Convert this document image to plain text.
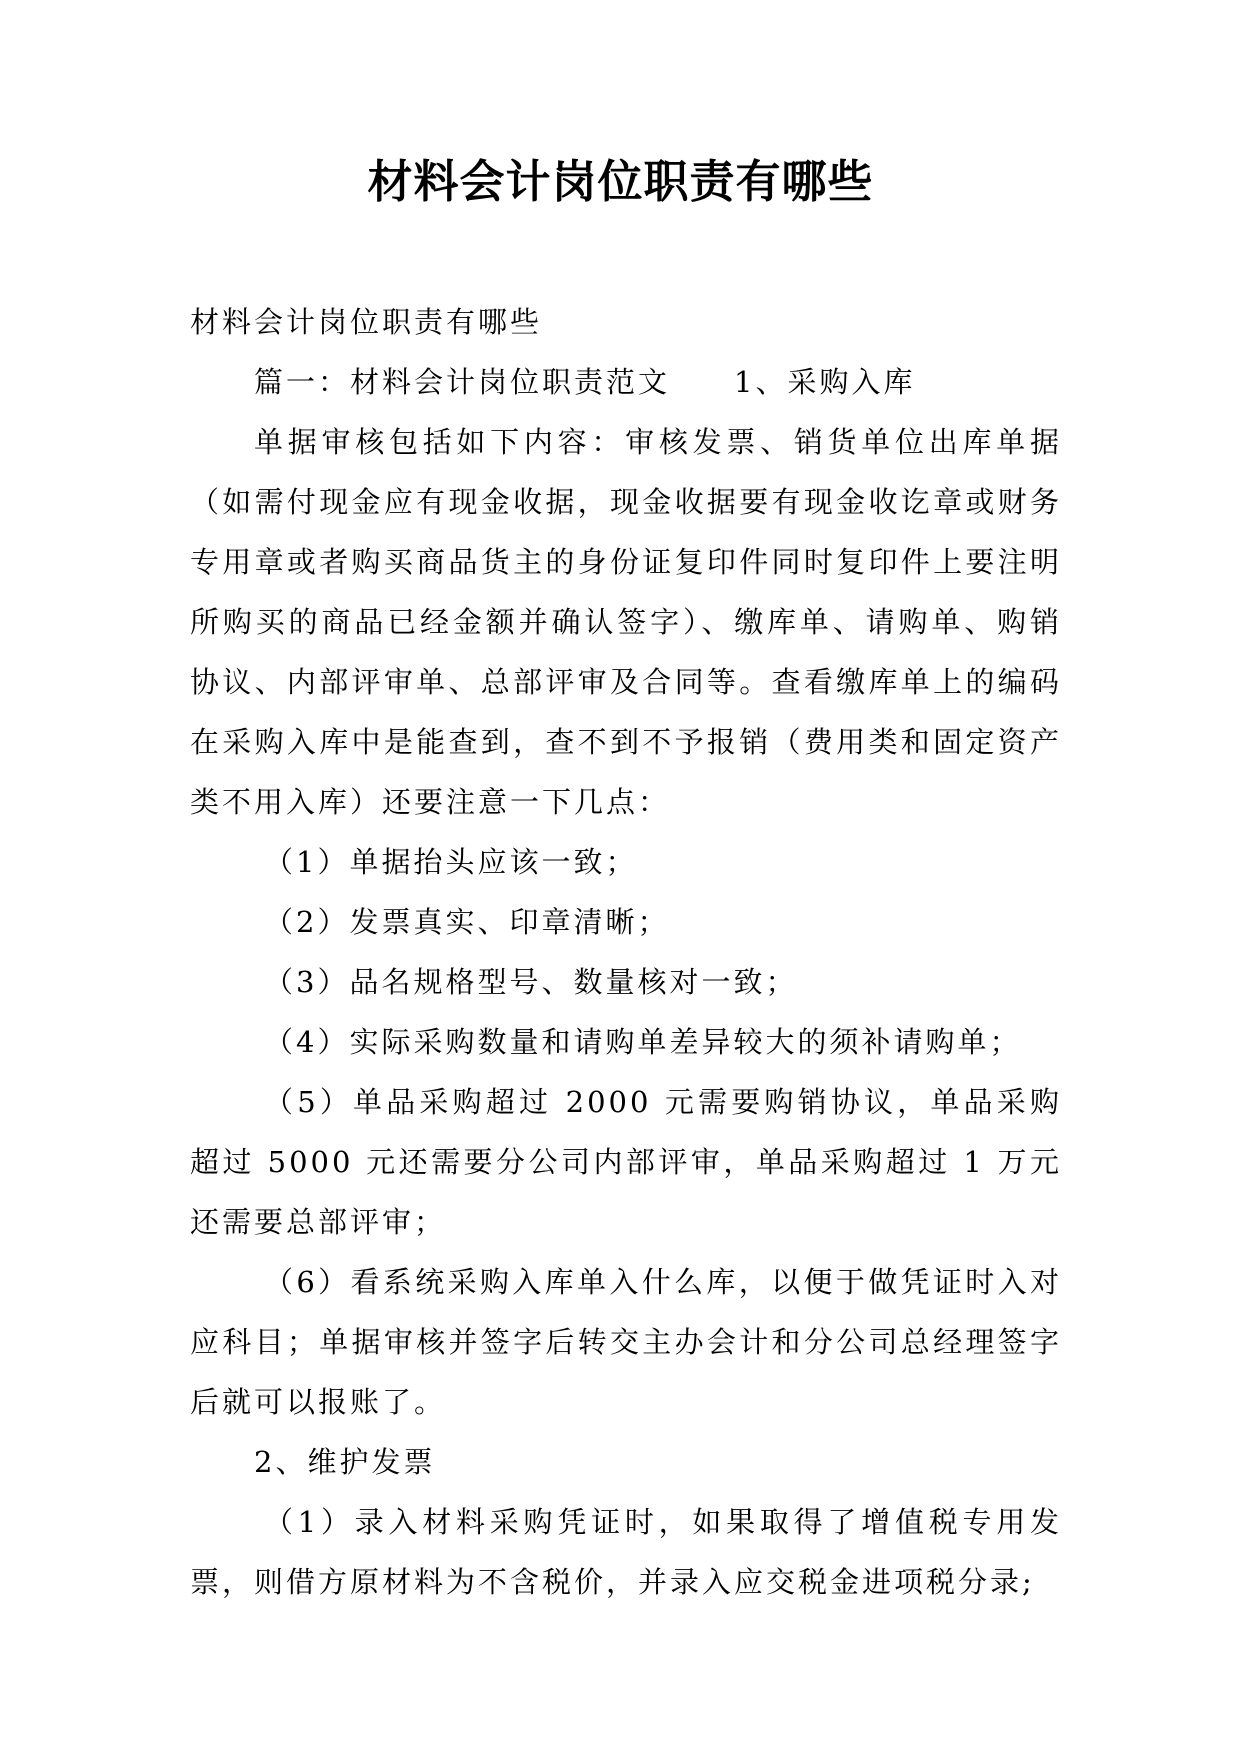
材料会计岗位职责有哪些

材料会计岗位职责有哪些

篇一：材料会计岗位职责范文　　1、采购入库

单据审核包括如下内容：审核发票、销货单位出库单据（如需付现金应有现金收据，现金收据要有现金收讫章或财务专用章或者购买商品货主的身份证复印件同时复印件上要注明所购买的商品已经金额并确认签字）、缴库单、请购单、购销协议、内部评审单、总部评审及合同等。查看缴库单上的编码在采购入库中是能查到，查不到不予报销（费用类和固定资产类不用入库）还要注意一下几点：

（1）单据抬头应该一致；

（2）发票真实、印章清晰；

（3）品名规格型号、数量核对一致；

（4）实际采购数量和请购单差异较大的须补请购单；

（5）单品采购超过 2000 元需要购销协议，单品采购超过 5000 元还需要分公司内部评审，单品采购超过 1 万元还需要总部评审；

（6）看系统采购入库单入什么库，以便于做凭证时入对应科目；单据审核并签字后转交主办会计和分公司总经理签字后就可以报账了。

2、维护发票

（1）录入材料采购凭证时，如果取得了增值税专用发票，则借方原材料为不含税价，并录入应交税金进项税分录;
